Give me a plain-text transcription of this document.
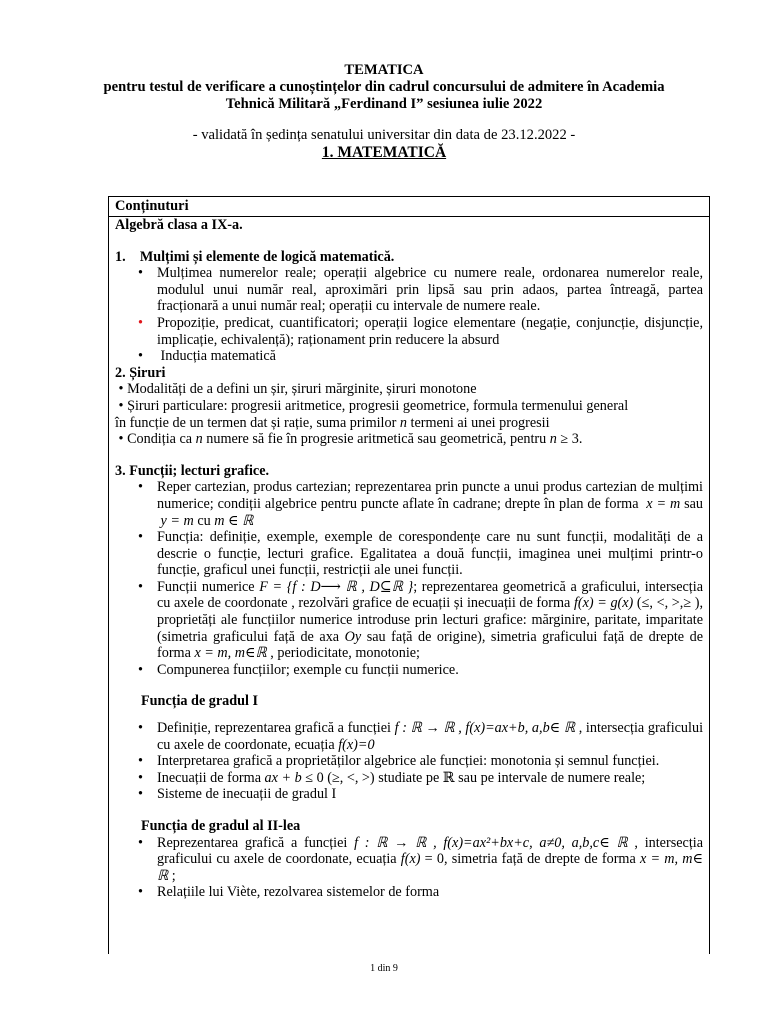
TEMATICA
pentru testul de verificare a cunoștințelor din cadrul concursului de admitere în Academia
Tehnică Militară „Ferdinand I” sesiunea iulie 2022
- validată în ședința senatului universitar din data de 23.12.2022 -
1. MATEMATICĂ
Conținuturi
Algebră clasa a IX-a.
1.    Mulțimi și elemente de logică matematică.
• Mulțimea numerelor reale; operații algebrice cu numere reale, ordonarea numerelor reale, modulul unui număr real, aproximări prin lipsă sau prin adaos, partea întreagă, partea fracționară a unui număr real; operații cu intervale de numere reale.
• Propoziție, predicat, cuantificatori; operații logice elementare (negație, conjuncție, disjuncție, implicație, echivalență); raționament prin reducere la absurd
• Inducția matematică
2. Șiruri
• Modalități de a defini un șir, șiruri mărginite, șiruri monotone
• Șiruri particulare: progresii aritmetice, progresii geometrice, formula termenului general
în funcție de un termen dat și rație, suma primilor n termeni ai unei progresii
• Condiția ca n numere să fie în progresie aritmetică sau geometrică, pentru n ≥ 3.
3. Funcții; lecturi grafice.
• Reper cartezian, produs cartezian; reprezentarea prin puncte a unui produs cartezian de mulțimi numerice; condiții algebrice pentru puncte aflate în cadrane; drepte în plan de forma  x = m sau  y = m cu m ∈ ℝ
• Funcția: definiție, exemple, exemple de corespondențe care nu sunt funcții, modalități de a descrie o funcție, lecturi grafice. Egalitatea a două funcții, imaginea unei mulțimi printr-o funcție, graficul unei funcții, restricții ale unei funcții.
• Funcții numerice F = {f : D⟶ ℝ , D⊆ℝ }; reprezentarea geometrică a graficului, intersecția cu axele de coordonate , rezolvări grafice de ecuații și inecuații de forma f(x) = g(x) (≤, <, >,≥ ), proprietăți ale funcțiilor numerice introduse prin lecturi grafice: mărginire, paritate, imparitate (simetria graficului față de axa Oy sau față de origine), simetria graficului față de drepte de forma x = m, m∈ℝ , periodicitate, monotonie;
• Compunerea funcțiilor; exemple cu funcții numerice.
Funcția de gradul I
• Definiție, reprezentarea grafică a funcției f : ℝ → ℝ , f(x)=ax+b, a,b∈ ℝ , intersecția graficului cu axele de coordonate, ecuația f(x)=0
• Interpretarea grafică a proprietăților algebrice ale funcției: monotonia și semnul funcției.
• Inecuații de forma ax + b ≤ 0 (≥, <, >) studiate pe ℝ sau pe intervale de numere reale;
• Sisteme de inecuații de gradul I
Funcția de gradul al II-lea
• Reprezentarea grafică a funcției f : ℝ → ℝ , f(x)=ax²+bx+c, a≠0, a,b,c∈ ℝ , intersecția graficului cu axele de coordonate, ecuația f(x) = 0, simetria față de drepte de forma x = m, m∈ ℝ ;
• Relațiile lui Viète, rezolvarea sistemelor de forma
1 din 9
